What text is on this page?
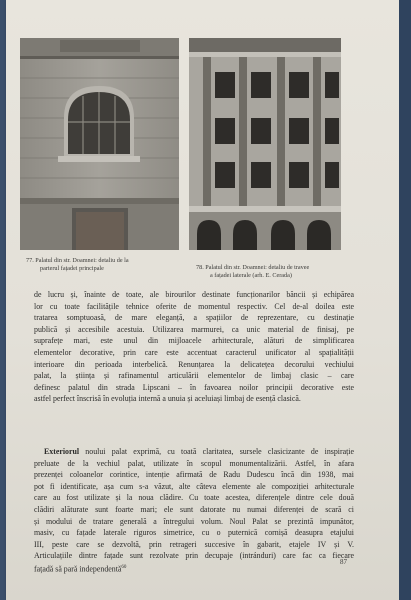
77. Palatul din str. Doamnei: detaliu de la
parterul fațadei principale	78. Palatul din str. Doamnei: detaliu de travee
a fațadei laterale (arh. E. Cerada)
de lucru și, înainte de toate, ale birourilor destinate funcționarilor băncii și echipărea
lor cu toate facilitățile tehnice oferite de momentul respectiv. Cel de-al doilea este
tratarea somptuoasă, de mare eleganță, a spațiilor de reprezentare, cu destinație
publică și accesibile acestuia. Utilizarea marmurei, ca unic material de finisaj, pe
suprafețe mari, este unul din mijloacele arhitecturale, alături de simplificarea
elementelor decorative, prin care este accentuat caracterul unificator al spațialității
interioare din perioada interbelică. Renunțarea la delicatețea decorului vechiului
palat, la știința și rafinamentul articulării elementelor de limbaj clasic – care
definesc palatul din strada Lipscani – în favoarea noilor principii decorative este
astfel perfect înscrisă în evoluția internă a unuia și aceluiași limbaj de esență clasică.
Exteriorul noului palat exprimă, cu toată claritatea, sursele clasicizante de inspirație
preluate de la vechiul palat, utilizate în scopul monumentalizării. Astfel, în afara
prezenței coloanelor corintice, intenție afirmată de Radu Dudescu încă din 1938, mai
pot fi identificate, așa cum s-a văzut, alte câteva elemente ale compoziției arhitecturale
care au fost utilizate și la noua clădire. Cu toate acestea, diferențele dintre cele două
clădiri alăturate sunt foarte mari; ele sunt datorate nu numai diferenței de scară ci
și modului de tratare generală a întregului volum. Noul Palat se prezintă impunător,
masiv, cu fațade laterale riguros simetrice, cu o puternică cornișă deasupra etajului
III, peste care se dezvoltă, prin retrageri succesive în gabarit, etajele IV și V.
Articulațiile dintre fațade sunt rezolvate prin decupaje (intránduri) care fac ca fiecare
fațadă să pară independentă$^{60}$
87
